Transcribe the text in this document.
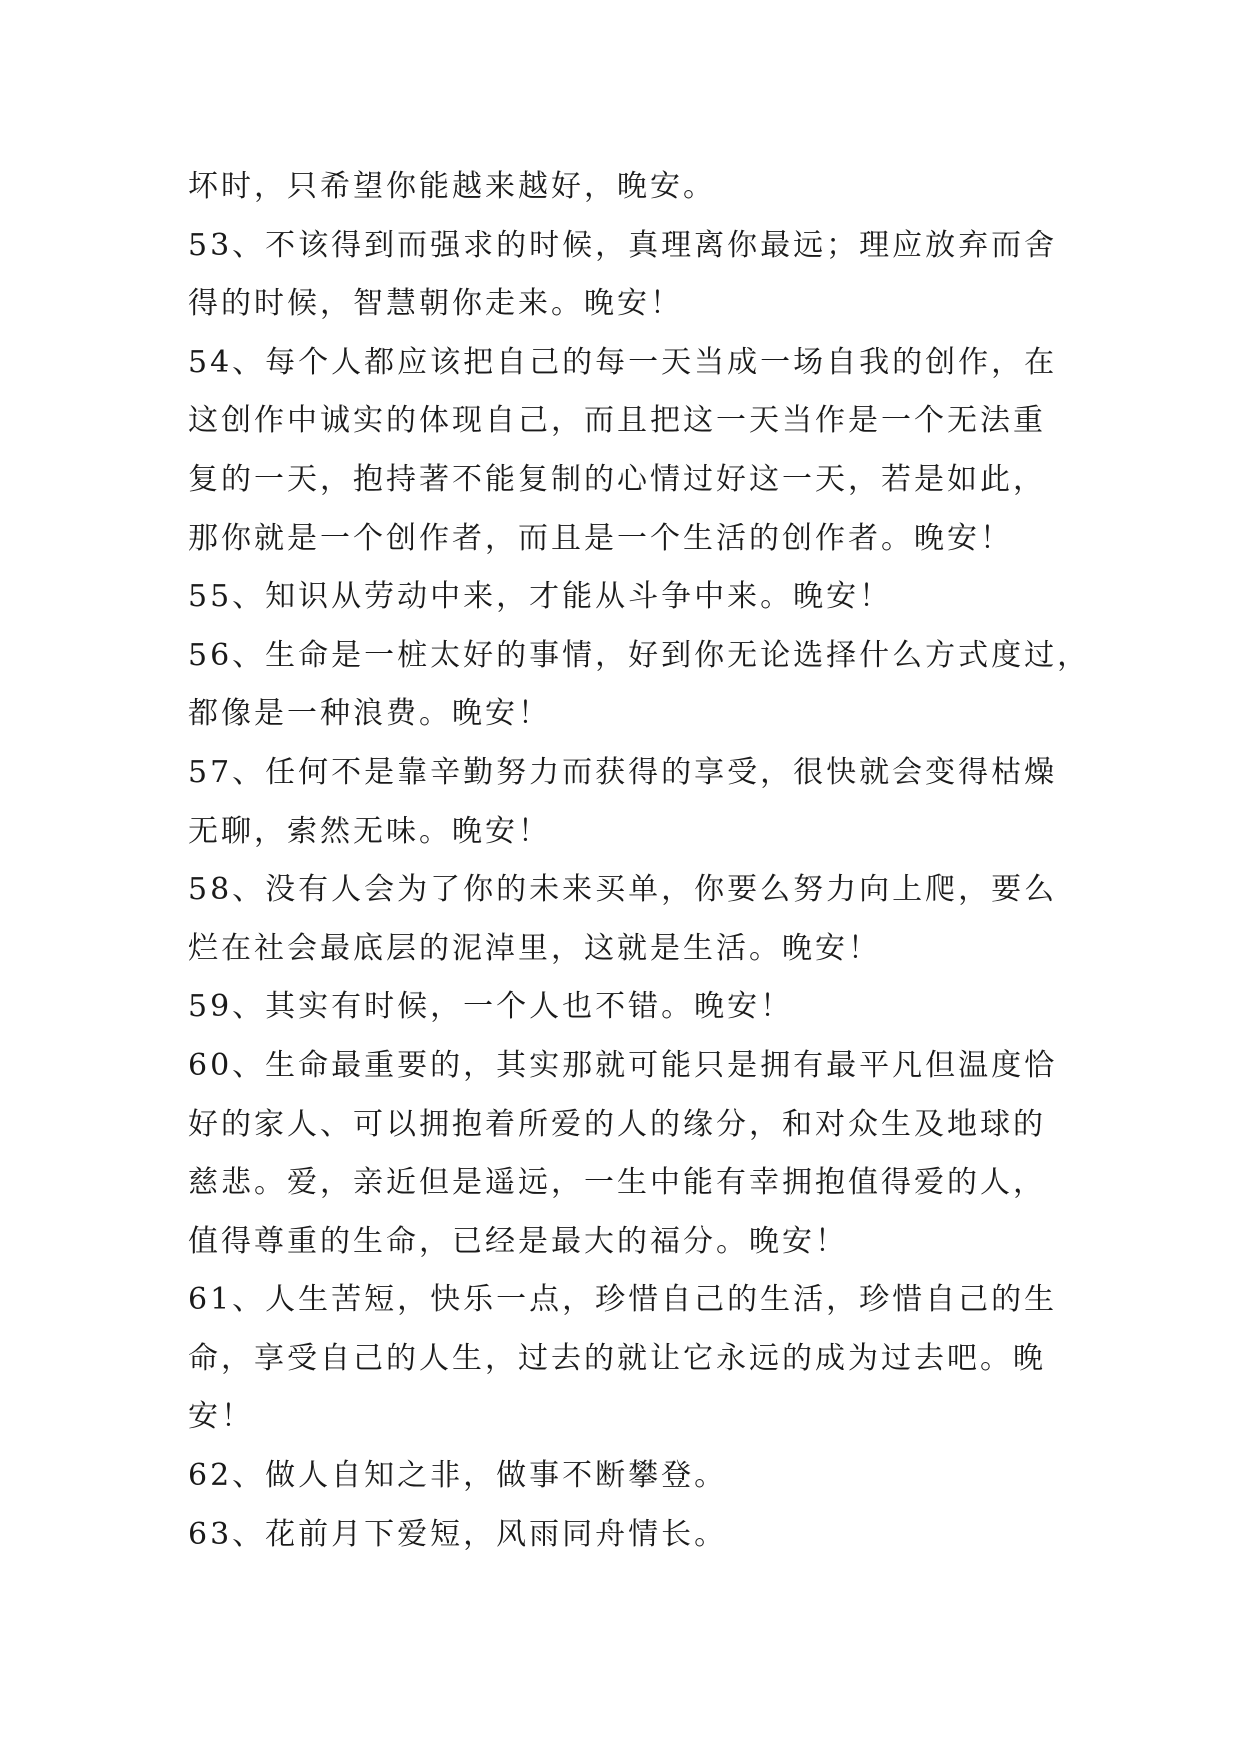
坏时，只希望你能越来越好，晚安。
53、不该得到而强求的时候，真理离你最远；理应放弃而舍
得的时候，智慧朝你走来。晚安！
54、每个人都应该把自己的每一天当成一场自我的创作，在
这创作中诚实的体现自己，而且把这一天当作是一个无法重
复的一天，抱持著不能复制的心情过好这一天，若是如此，
那你就是一个创作者，而且是一个生活的创作者。晚安！
55、知识从劳动中来，才能从斗争中来。晚安！
56、生命是一桩太好的事情，好到你无论选择什么方式度过，
都像是一种浪费。晚安！
57、任何不是靠辛勤努力而获得的享受，很快就会变得枯燥
无聊，索然无味。晚安！
58、没有人会为了你的未来买单，你要么努力向上爬，要么
烂在社会最底层的泥淖里，这就是生活。晚安！
59、其实有时候，一个人也不错。晚安！
60、生命最重要的，其实那就可能只是拥有最平凡但温度恰
好的家人、可以拥抱着所爱的人的缘分，和对众生及地球的
慈悲。爱，亲近但是遥远，一生中能有幸拥抱值得爱的人，
值得尊重的生命，已经是最大的福分。晚安！
61、人生苦短，快乐一点，珍惜自己的生活，珍惜自己的生
命，享受自己的人生，过去的就让它永远的成为过去吧。晚
安！
62、做人自知之非，做事不断攀登。
63、花前月下爱短，风雨同舟情长。
